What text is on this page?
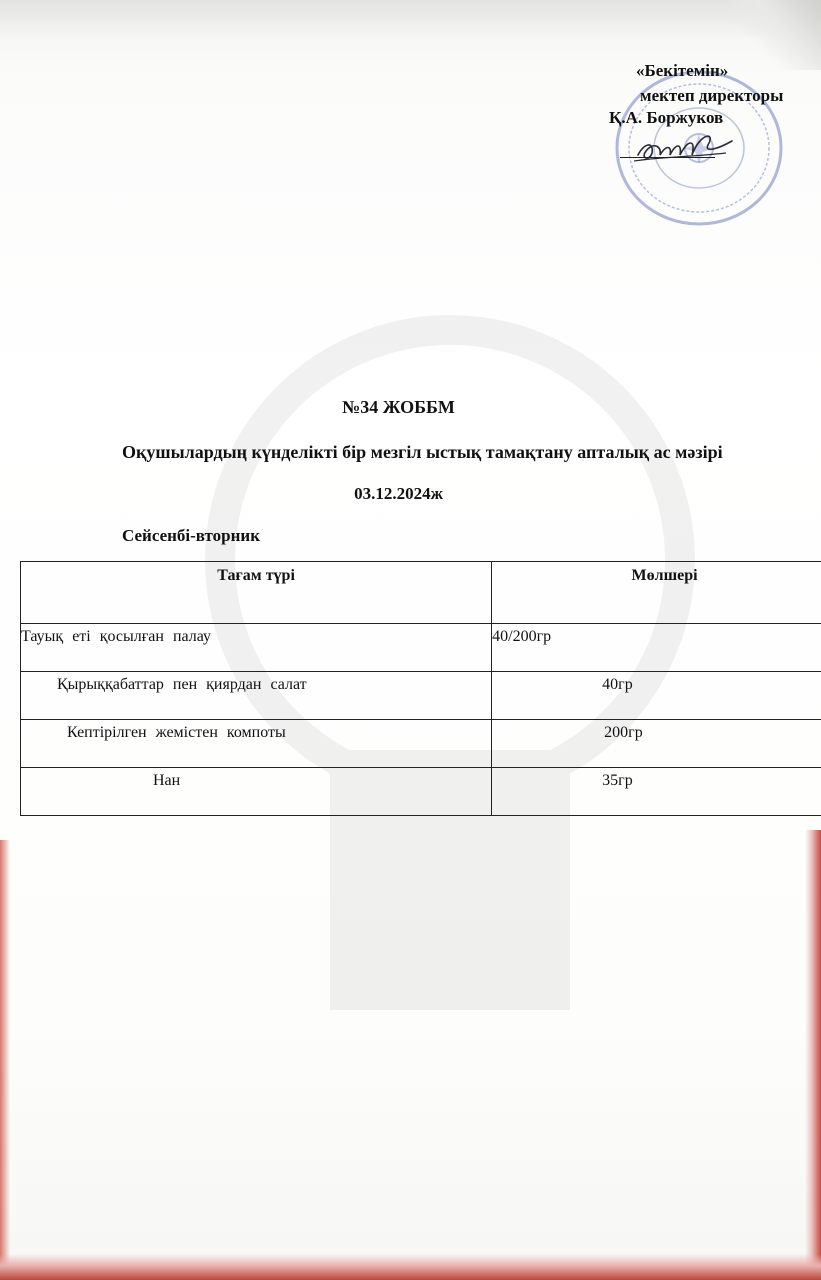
«Бекітемін»
мектеп директоры
Қ.А. Боржуков
№34 ЖОББМ
Оқушылардың күнделікті бір мезгіл ыстық тамақтану апталық ас мәзірі
03.12.2024ж
Сейсенбі-вторник
Тағам түрі	Мөлшері
Тауық еті қосылған палау	40/200гр
Қырыққабаттар пен қиярдан салат	40гр
Кептірілген жемістен компоты	200гр
Нан	35гр
